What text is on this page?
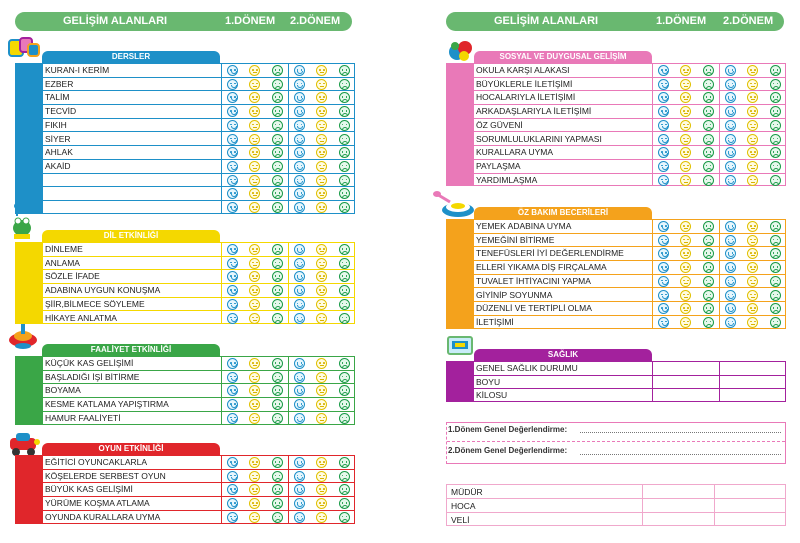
GELİŞİM ALANLARI	1.DÖNEM 2.DÖNEM
DERSLER
KURAN-I KERİM
EZBER
TALİM
TECVİD
FIKIH
SİYER
AHLAK
AKAİD
DİL ETKİNLİĞİ
DİNLEME
ANLAMA
SÖZLE İFADE
ADABINA UYGUN KONUŞMA
ŞİİR,BİLMECE SÖYLEME
HİKAYE ANLATMA
FAALİYET ETKİNLİĞİ
KÜÇÜK KAS GELİŞİMİ
BAŞLADIĞI İŞİ BİTİRME
BOYAMA
KESME KATLAMA YAPIŞTIRMA
HAMUR FAALİYETİ
OYUN ETKİNLİĞİ
EĞİTİCİ OYUNCAKLARLA
KÖŞELERDE SERBEST OYUN
BÜYÜK KAS GELİŞİMİ
YÜRÜME KOŞMA ATLAMA
OYUNDA KURALLARA UYMA
GELİŞİM ALANLARI	1.DÖNEM 2.DÖNEM
SOSYAL VE DUYGUSAL GELİŞİM
OKULA KARŞI ALAKASI
BÜYÜKLERLE İLETİŞİMİ
HOCALARIYLA İLETİŞİMİ
ARKADAŞLARIYLA İLETİŞİMİ
ÖZ GÜVENİ
SORUMLULUKLARINI YAPMASI
KURALLARA UYMA
PAYLAŞMA
YARDIMLAŞMA
ÖZ BAKIM BECERİLERİ
YEMEK ADABINA UYMA
YEMEĞİNİ BİTİRME
TENEFÜSLERİ İYİ DEĞERLENDİRME
ELLERİ YIKAMA DİŞ FIRÇALAMA
TUVALET İHTİYACINI YAPMA
GİYİNİP SOYUNMA
DÜZENLİ VE TERTİPLİ OLMA
İLETİŞİMİ
SAĞLIK
GENEL SAĞLIK DURUMU
BOYU
KİLOSU
1.Dönem Genel Değerlendirme:
2.Dönem Genel Değerlendirme:
MÜDÜR
HOCA
VELİ
